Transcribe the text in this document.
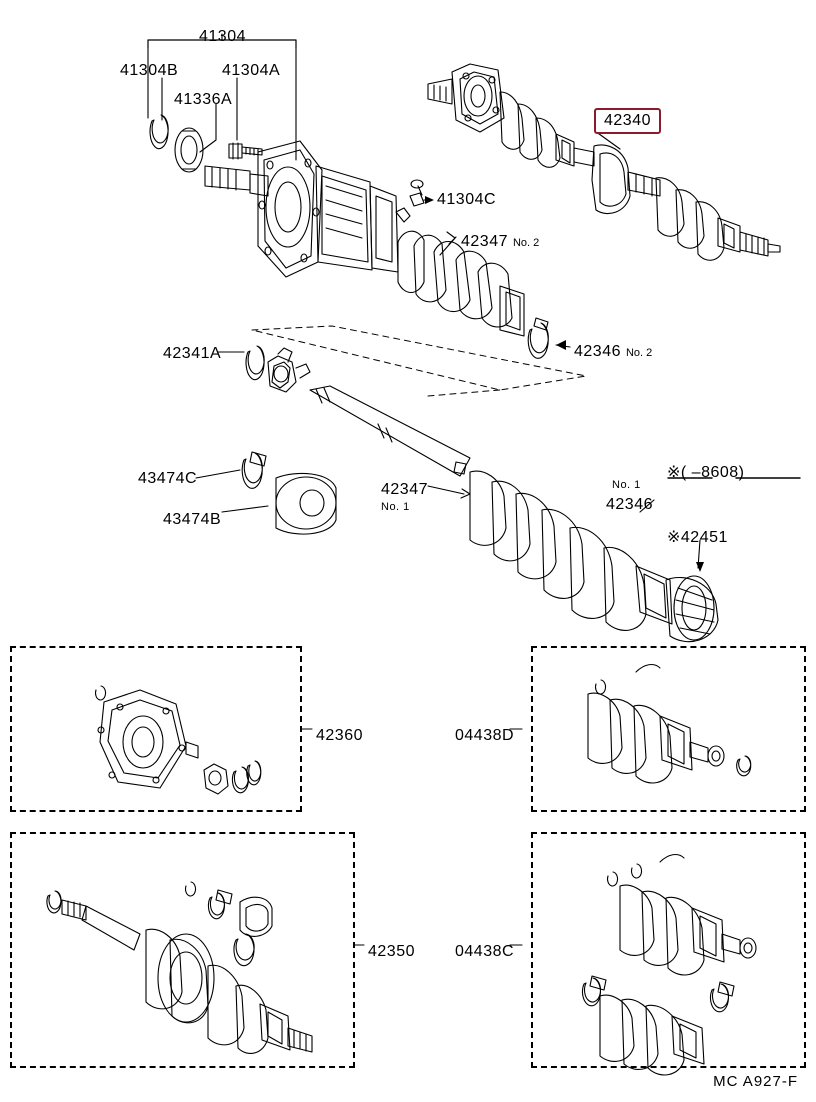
41304
41304B	41304A
41336A
41304C
42340
42347 No. 2
42346 No. 2
42341A
43474C
43474B
42347
No. 1
No. 1
42346
※42451
※( –8608)
42360	04438D
42350	04438C
MC A927-F
